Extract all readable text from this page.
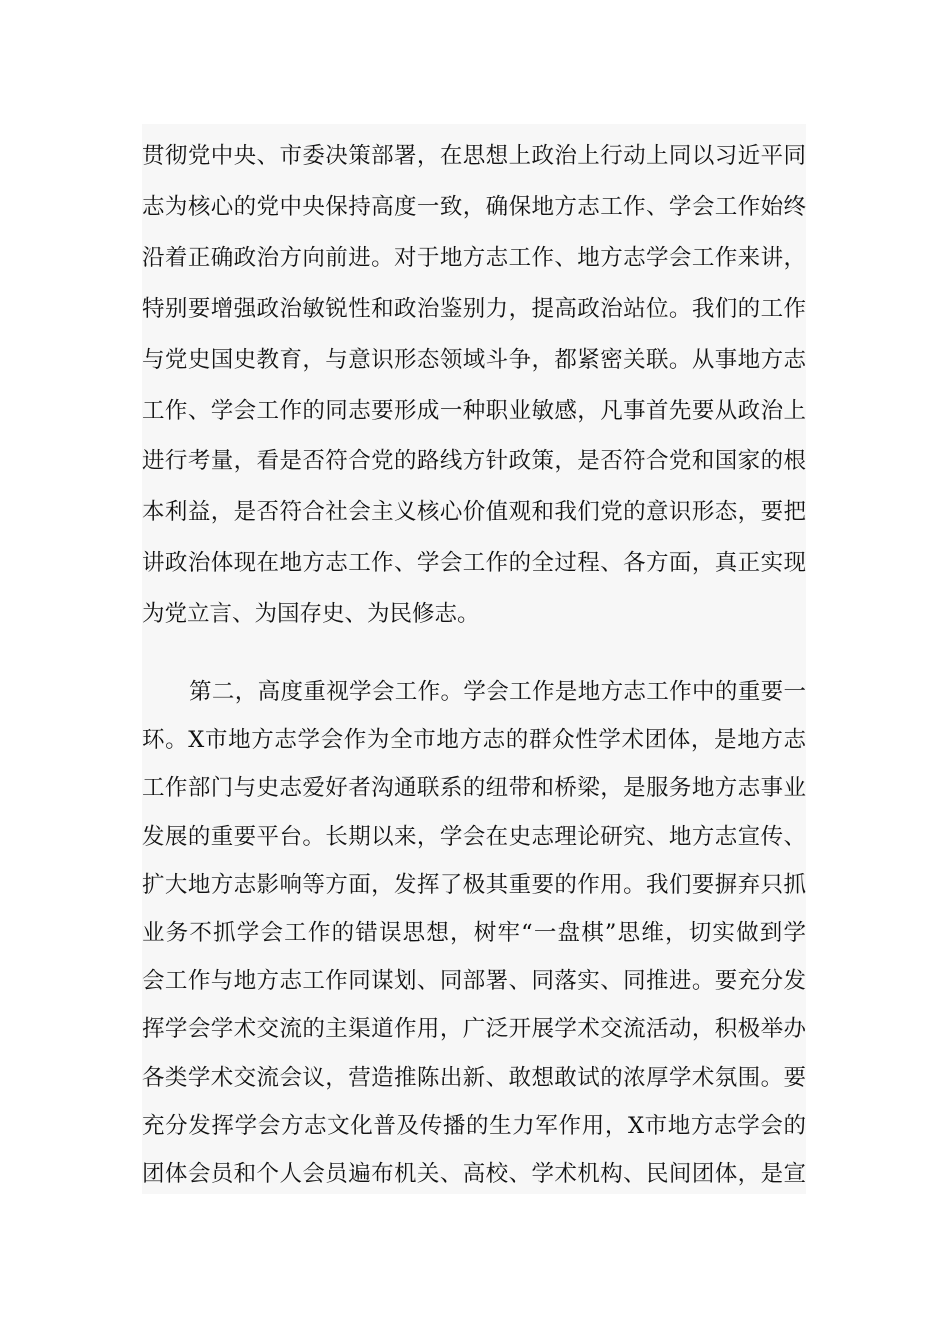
贯彻党中央、市委决策部署，在思想上政治上行动上同以习近平同
志为核心的党中央保持高度一致，确保地方志工作、学会工作始终
沿着正确政治方向前进。对于地方志工作、地方志学会工作来讲，
特别要增强政治敏锐性和政治鉴别力，提高政治站位。我们的工作
与党史国史教育，与意识形态领域斗争，都紧密关联。从事地方志
工作、学会工作的同志要形成一种职业敏感，凡事首先要从政治上
进行考量，看是否符合党的路线方针政策，是否符合党和国家的根
本利益，是否符合社会主义核心价值观和我们党的意识形态，要把
讲政治体现在地方志工作、学会工作的全过程、各方面，真正实现
为党立言、为国存史、为民修志。
第二，高度重视学会工作。学会工作是地方志工作中的重要一
环。X市地方志学会作为全市地方志的群众性学术团体，是地方志
工作部门与史志爱好者沟通联系的纽带和桥梁，是服务地方志事业
发展的重要平台。长期以来，学会在史志理论研究、地方志宣传、
扩大地方志影响等方面，发挥了极其重要的作用。我们要摒弃只抓
业务不抓学会工作的错误思想，树牢“一盘棋”思维，切实做到学
会工作与地方志工作同谋划、同部署、同落实、同推进。要充分发
挥学会学术交流的主渠道作用，广泛开展学术交流活动，积极举办
各类学术交流会议，营造推陈出新、敢想敢试的浓厚学术氛围。要
充分发挥学会方志文化普及传播的生力军作用，X市地方志学会的
团体会员和个人会员遍布机关、高校、学术机构、民间团体，是宣
